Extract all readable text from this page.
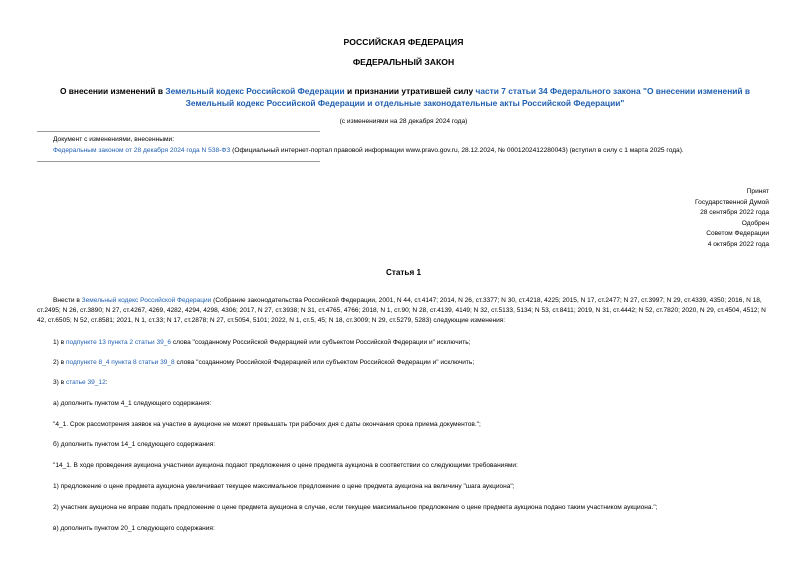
РОССИЙСКАЯ ФЕДЕРАЦИЯ
ФЕДЕРАЛЬНЫЙ ЗАКОН
О внесении изменений в Земельный кодекс Российской Федерации и признании утратившей силу части 7 статьи 34 Федерального закона "О внесении изменений в Земельный кодекс Российской Федерации и отдельные законодательные акты Российской Федерации"
(с изменениями на 28 декабря 2024 года)
Документ с изменениями, внесенными:
Федеральным законом от 28 декабря 2024 года N 538-ФЗ (Официальный интернет-портал правовой информации www.pravo.gov.ru, 28.12.2024, № 0001202412280043) (вступил в силу с 1 марта 2025 года).
Принят
Государственной Думой
28 сентября 2022 года
Одобрен
Советом Федерации
4 октября 2022 года
Статья 1
Внести в Земельный кодекс Российской Федерации (Собрание законодательства Российской Федерации, 2001, N 44, ст.4147; 2014, N 26, ст.3377; N 30, ст.4218, 4225; 2015, N 17, ст.2477; N 27, ст.3997; N 29, ст.4339, 4350; 2016, N 18, ст.2495; N 26, ст.3890; N 27, ст.4267, 4269, 4282, 4294, 4298, 4306; 2017, N 27, ст.3938; N 31, ст.4765, 4766; 2018, N 1, ст.90; N 28, ст.4139, 4149; N 32, ст.5133, 5134; N 53, ст.8411; 2019, N 31, ст.4442; N 52, ст.7820; 2020, N 29, ст.4504, 4512; N 42, ст.6505; N 52, ст.8581; 2021, N 1, ст.33; N 17, ст.2878; N 27, ст.5054, 5101; 2022, N 1, ст.5, 45; N 18, ст.3009; N 29, ст.5279, 5283) следующие изменения:
1) в подпункте 13 пункта 2 статьи 39_6 слова "созданному Российской Федерацией или субъектом Российской Федерации и" исключить;
2) в подпункте 8_4 пункта 8 статьи 39_8 слова "созданному Российской Федерацией или субъектом Российской Федерации и" исключить;
3) в статье 39_12:
а) дополнить пунктом 4_1 следующего содержания:
"4_1. Срок рассмотрения заявок на участие в аукционе не может превышать три рабочих дня с даты окончания срока приема документов.";
б) дополнить пунктом 14_1 следующего содержания:
"14_1. В ходе проведения аукциона участники аукциона подают предложения о цене предмета аукциона в соответствии со следующими требованиями:
1) предложение о цене предмета аукциона увеличивает текущее максимальное предложение о цене предмета аукциона на величину "шага аукциона";
2) участник аукциона не вправе подать предложение о цене предмета аукциона в случае, если текущее максимальное предложение о цене предмета аукциона подано таким участником аукциона.";
в) дополнить пунктом 20_1 следующего содержания:
